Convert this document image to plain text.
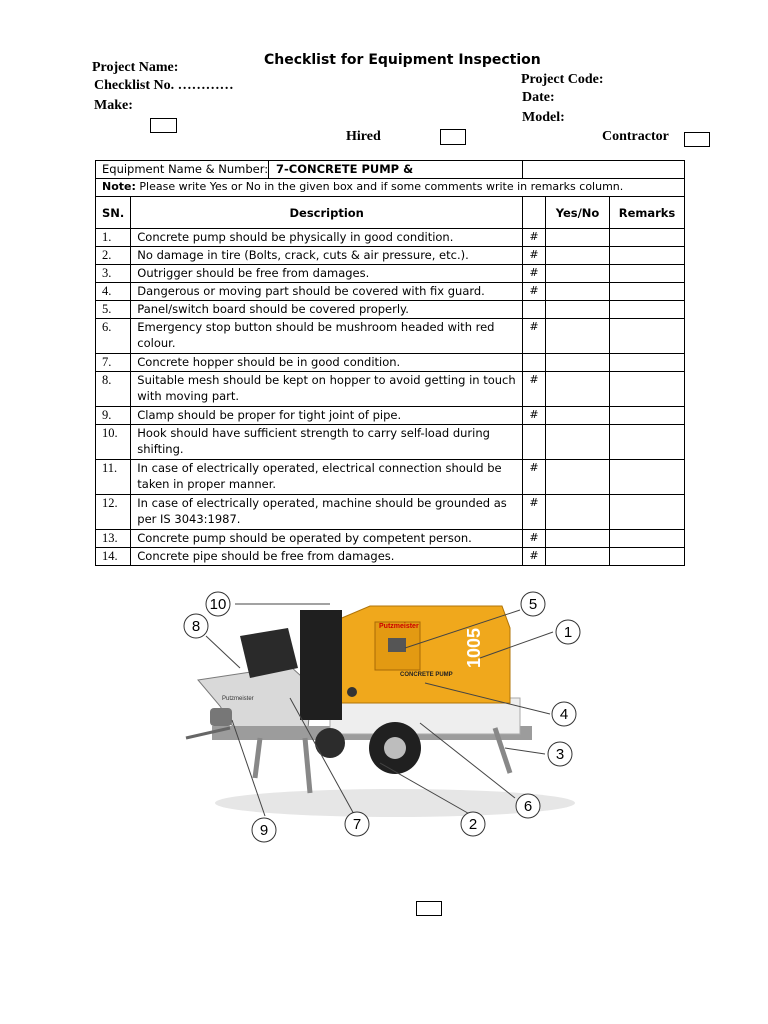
Checklist for Equipment Inspection
Project Name:
Checklist No. …………
Make:
Project Code:
Date:
Model:
Hired	Contractor
Equipment Name & Number: 7-CONCRETE PUMP &				

Note: Please write Yes or No in the given box and if some comments write in remarks column.				
SN.	Description		Yes/No	Remarks
1.	Concrete pump should be physically in good condition.	#		
2.	No damage in tire (Bolts, crack, cuts & air pressure, etc.).	#		
3.	Outrigger should be free from damages.	#		
4.	Dangerous or moving part should be covered with fix guard.	#		
5.	Panel/switch board should be covered properly.			
6.	Emergency stop button should be mushroom headed with red colour.	#		
7.	Concrete hopper should be in good condition.			
8.	Suitable mesh should be kept on hopper to avoid getting in touch with moving part.	#		
9.	Clamp should be proper for tight joint of pipe.	#		
10.	Hook should have sufficient strength to carry self-load during shifting.			
11.	In case of electrically operated, electrical connection should be taken in proper manner.	#		
12.	In case of electrically operated, machine should be grounded as per IS 3043:1987.	#		
13.	Concrete pump should be operated by competent person.	#		
14.	Concrete pipe should be free from damages.	#		
Putzmeister
Putzmeister
CONCRETE PUMP
1005	1
2
3
4
5
6
7
8
9
10
